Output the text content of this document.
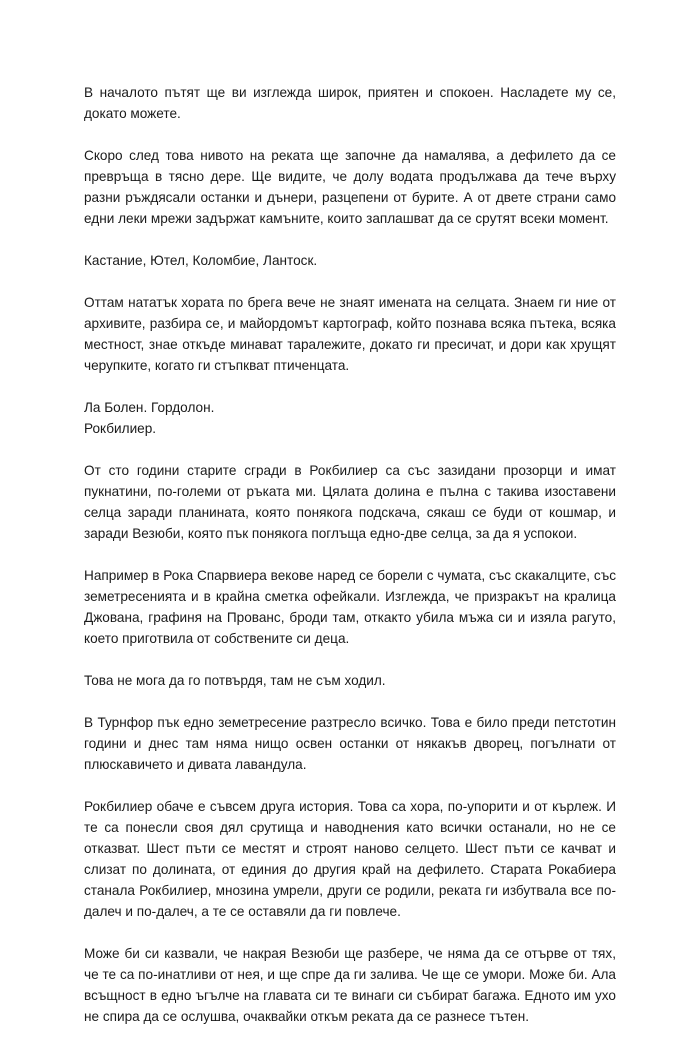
В началото пътят ще ви изглежда широк, приятен и спокоен. Насладете му се, докато можете.

Скоро след това нивото на реката ще започне да намалява, а дефилето да се превръща в тясно дере. Ще видите, че долу водата продължава да тече върху разни ръждясали останки и дънери, разцепени от бурите. А от двете страни само едни леки мрежи задържат камъните, които заплашват да се срутят всеки момент.

Кастание, Ютел, Коломбие, Лантоск.

Оттам нататък хората по брега вече не знаят имената на селцата. Знаем ги ние от архивите, разбира се, и майордомът картограф, който познава всяка пътека, всяка местност, знае откъде минават таралежите, докато ги пресичат, и дори как хрущят черупките, когато ги стъпкват птиченцата.

Ла Болен. Гордолон.
Рокбилиер.

От сто години старите сгради в Рокбилиер са със зазидани прозорци и имат пукнатини, по-големи от ръката ми. Цялата долина е пълна с такива изоставени селца заради планината, която понякога подскача, сякаш се буди от кошмар, и заради Везюби, която пък понякога поглъща едно-две селца, за да я успокои.

Например в Рока Спарвиера векове наред се борели с чумата, със скакалците, със земетресенията и в крайна сметка офейкали. Изглежда, че призракът на кралица Джована, графиня на Прованс, броди там, откакто убила мъжа си и изяла рагуто, което приготвила от собствените си деца.

Това не мога да го потвърдя, там не съм ходил.

В Турнфор пък едно земетресение разтресло всичко. Това е било преди петстотин години и днес там няма нищо освен останки от някакъв дворец, погълнати от плюскавичето и дивата лавандула.

Рокбилиер обаче е съвсем друга история. Това са хора, по-упорити и от кърлеж. И те са понесли своя дял срутища и наводнения като всички останали, но не се отказват. Шест пъти се местят и строят наново селцето. Шест пъти се качват и слизат по долината, от единия до другия край на дефилето. Старата Рокабиера станала Рокбилиер, мнозина умрели, други се родили, реката ги избутвала все по-далеч и по-далеч, а те се оставяли да ги повлече.

Може би си казвали, че накрая Везюби ще разбере, че няма да се отърве от тях, че те са по-инатливи от нея, и ще спре да ги залива. Че ще се умори. Може би. Ала всъщност в едно ъгълче на главата си те винаги си събират багажа. Едното им ухо не спира да се ослушва, очаквайки откъм реката да се разнесе тътен.
